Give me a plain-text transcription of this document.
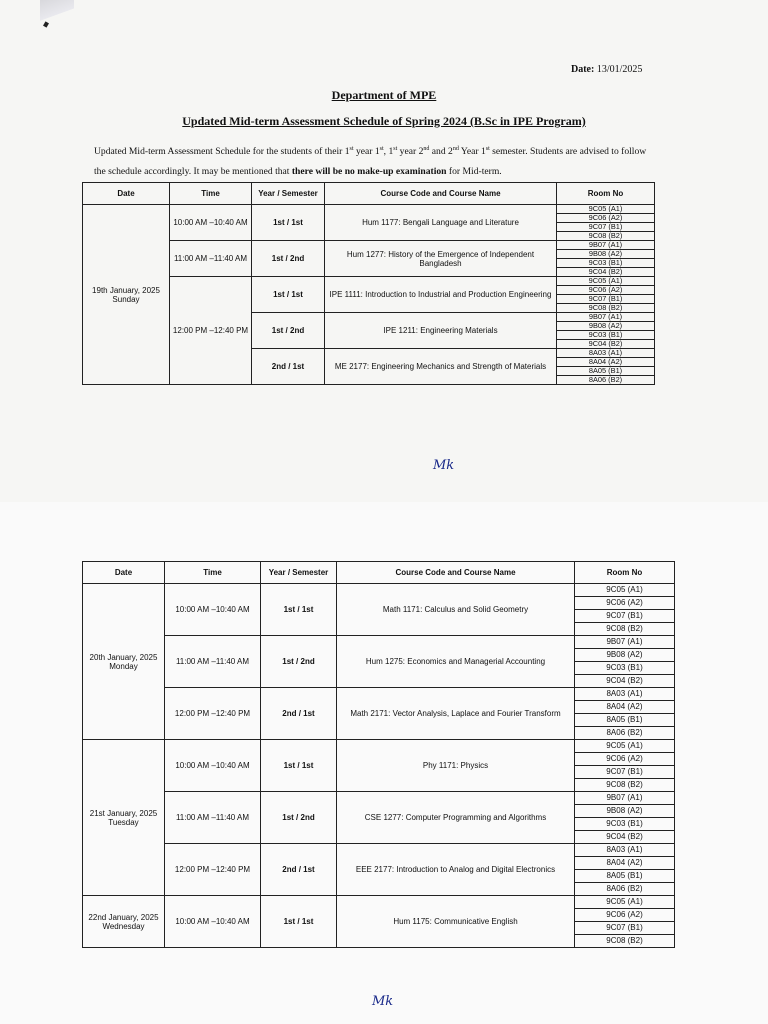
Date: 13/01/2025
Department of MPE
Updated Mid-term Assessment Schedule of Spring 2024 (B.Sc in IPE Program)
Updated Mid-term Assessment Schedule for the students of their 1st year 1st, 1st year 2nd and 2nd Year 1st semester. Students are advised to follow the schedule accordingly. It may be mentioned that there will be no make-up examination for Mid-term.
Date	Time	Year / Semester	Course Code and Course Name	Room No
19th January, 2025 Sunday	10:00 AM –10:40 AM	1st / 1st	Hum 1177: Bengali Language and Literature	9C05 (A1)
				9C06 (A2)
				9C07 (B1)
				9C08 (B2)
	11:00 AM –11:40 AM	1st / 2nd	Hum 1277: History of the Emergence of Independent Bangladesh	9B07 (A1)
				9B08 (A2)
				9C03 (B1)
				9C04 (B2)
	12:00 PM –12:40 PM	1st / 1st	IPE 1111: Introduction to Industrial and Production Engineering	9C05 (A1)
				9C06 (A2)
				9C07 (B1)
				9C08 (B2)
		1st / 2nd	IPE 1211: Engineering Materials	9B07 (A1)
				9B08 (A2)
				9C03 (B1)
				9C04 (B2)
		2nd / 1st	ME 2177: Engineering Mechanics and Strength of Materials	8A03 (A1)
				8A04 (A2)
				8A05 (B1)
				8A06 (B2)
Mk
Date	Time	Year / Semester	Course Code and Course Name	Room No
20th January, 2025 Monday	10:00 AM –10:40 AM	1st / 1st	Math 1171: Calculus and Solid Geometry	9C05 (A1)
				9C06 (A2)
				9C07 (B1)
				9C08 (B2)
	11:00 AM –11:40 AM	1st / 2nd	Hum 1275: Economics and Managerial Accounting	9B07 (A1)
				9B08 (A2)
				9C03 (B1)
				9C04 (B2)
	12:00 PM –12:40 PM	2nd / 1st	Math 2171: Vector Analysis, Laplace and Fourier Transform	8A03 (A1)
				8A04 (A2)
				8A05 (B1)
				8A06 (B2)
21st January, 2025 Tuesday	10:00 AM –10:40 AM	1st / 1st	Phy 1171: Physics	9C05 (A1)
				9C06 (A2)
				9C07 (B1)
				9C08 (B2)
	11:00 AM –11:40 AM	1st / 2nd	CSE 1277: Computer Programming and Algorithms	9B07 (A1)
				9B08 (A2)
				9C03 (B1)
				9C04 (B2)
	12:00 PM –12:40 PM	2nd / 1st	EEE 2177: Introduction to Analog and Digital Electronics	8A03 (A1)
				8A04 (A2)
				8A05 (B1)
				8A06 (B2)
22nd January, 2025 Wednesday	10:00 AM –10:40 AM	1st / 1st	Hum 1175: Communicative English	9C05 (A1)
				9C06 (A2)
				9C07 (B1)
				9C08 (B2)
Mk
